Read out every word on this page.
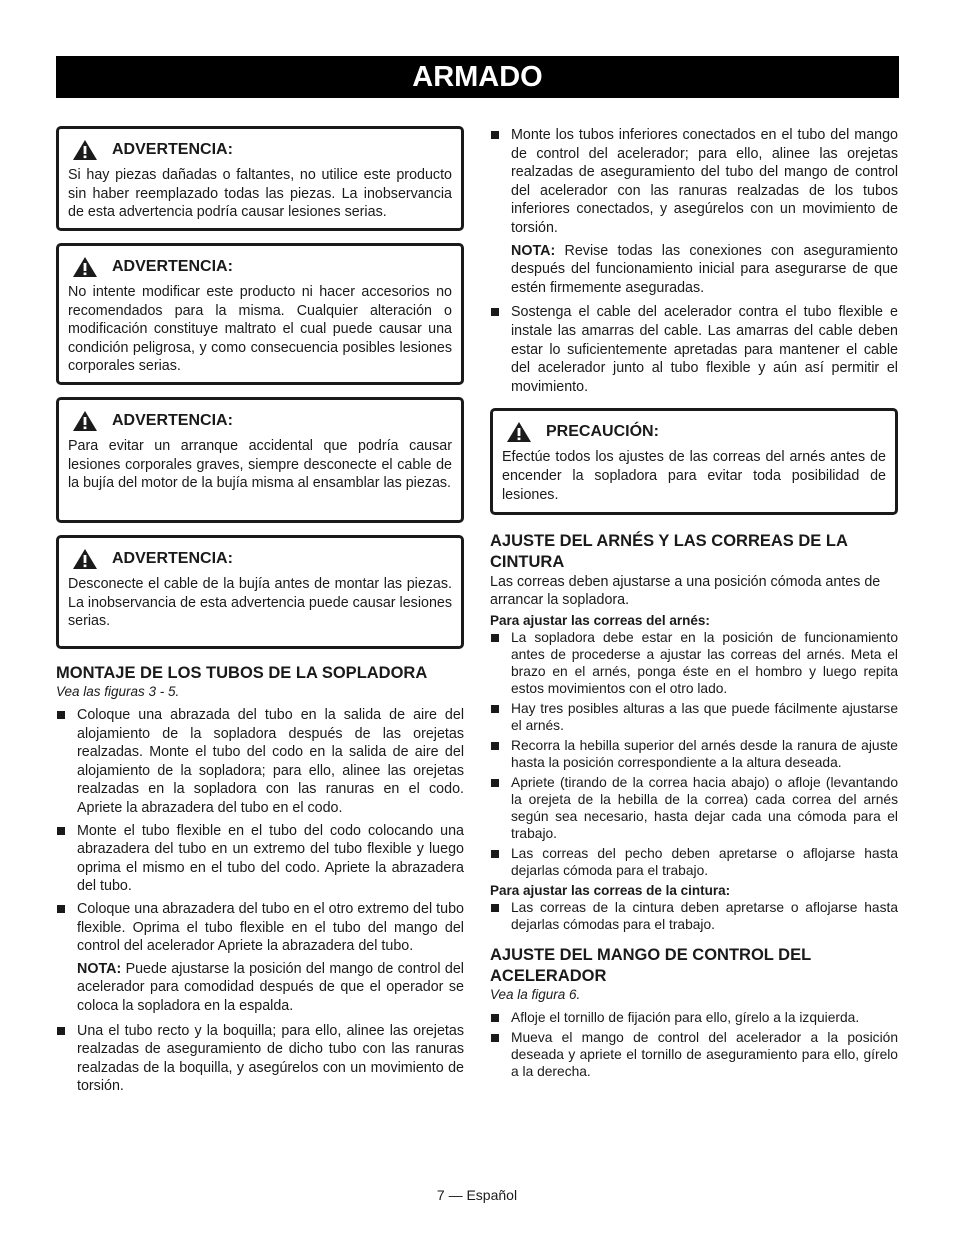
ARMADO
ADVERTENCIA:
Si hay piezas dañadas o faltantes, no utilice este producto sin haber reemplazado todas las piezas. La inobservancia de esta advertencia podría causar lesiones serias.
ADVERTENCIA:
No intente modificar este producto ni hacer accesorios no recomendados para la misma. Cualquier alteración o modificación constituye maltrato el cual puede causar una condición peligrosa, y como consecuencia posibles lesiones corporales serias.
ADVERTENCIA:
Para evitar un arranque accidental que podría causar lesiones corporales graves, siempre desconecte el cable de la bujía del motor de la bujía misma al ensamblar las piezas.
ADVERTENCIA:
Desconecte el cable de la bujía antes de montar las piezas. La inobservancia de esta advertencia puede causar lesiones serias.
MONTAJE DE LOS TUBOS DE LA SOPLADORA
Vea las figuras 3 - 5.
Coloque una abrazada del tubo en la salida de aire del alojamiento de la sopladora después de las orejetas realzadas. Monte el tubo del codo en la salida de aire del alojamiento de la sopladora; para ello, alinee las orejetas realzadas en la sopladora con las ranuras en el codo. Apriete la abrazadera del tubo en el codo.
Monte el tubo flexible en el tubo del codo colocando una abrazadera del tubo en un extremo del tubo flexible y luego oprima el mismo en el tubo del codo. Apriete la abrazadera del tubo.
Coloque una abrazadera del tubo en el otro extremo del tubo flexible. Oprima el tubo flexible en el tubo del mango del control del acelerador Apriete la abrazadera del tubo.
NOTA: Puede ajustarse la posición del mango de control del acelerador para comodidad después de que el operador se coloca la sopladora en la espalda.
Una el tubo recto y la boquilla; para ello, alinee las orejetas realzadas de aseguramiento de dicho tubo con las ranuras realzadas de la boquilla, y asegúrelos con un movimiento de torsión.
Monte los tubos inferiores conectados en el tubo del mango de control del acelerador; para ello, alinee las orejetas realzadas de aseguramiento del tubo del mango de control del acelerador con las ranuras realzadas de los tubos inferiores conectados, y asegúrelos con un movimiento de torsión.
NOTA: Revise todas las conexiones con aseguramiento después del funcionamiento inicial para asegurarse de que estén firmemente aseguradas.
Sostenga el cable del acelerador contra el tubo flexible e instale las amarras del cable. Las amarras del cable deben estar lo suficientemente apretadas para mantener el cable del acelerador junto al tubo flexible y aún así permitir el movimiento.
PRECAUCIÓN:
Efectúe todos los ajustes de las correas del arnés antes de encender la sopladora para evitar toda posibilidad de lesiones.
AJUSTE DEL ARNÉS Y LAS CORREAS DE LA CINTURA

Las correas deben ajustarse a una posición cómoda antes de arrancar la sopladora.

Para ajustar las correas del arnés:
La sopladora debe estar en la posición de funcionamiento antes de procederse a ajustar las correas del arnés. Meta el brazo en el arnés, ponga éste en el hombro y luego repita estos movimientos con el otro lado.
Hay tres posibles alturas a las que puede fácilmente ajustarse el arnés.
Recorra la hebilla superior del arnés desde la ranura de ajuste hasta la posición correspondiente a la altura deseada.
Apriete (tirando de la correa hacia abajo) o afloje (levantando la orejeta de la hebilla de la correa) cada correa del arnés según sea necesario, hasta dejar cada una cómoda para el trabajo.
Las correas del pecho deben apretarse o aflojarse hasta dejarlas cómoda para el trabajo.
Para ajustar las correas de la cintura:
Las correas de la cintura deben apretarse o aflojarse hasta dejarlas cómodas para el trabajo.
AJUSTE DEL MANGO DE CONTROL DEL ACELERADOR
Vea la figura 6.
Afloje el tornillo de fijación para ello, gírelo a la izquierda.
Mueva el mango de control del acelerador a la posición deseada y apriete el tornillo de aseguramiento para ello, gírelo a la derecha.
7 — Español
